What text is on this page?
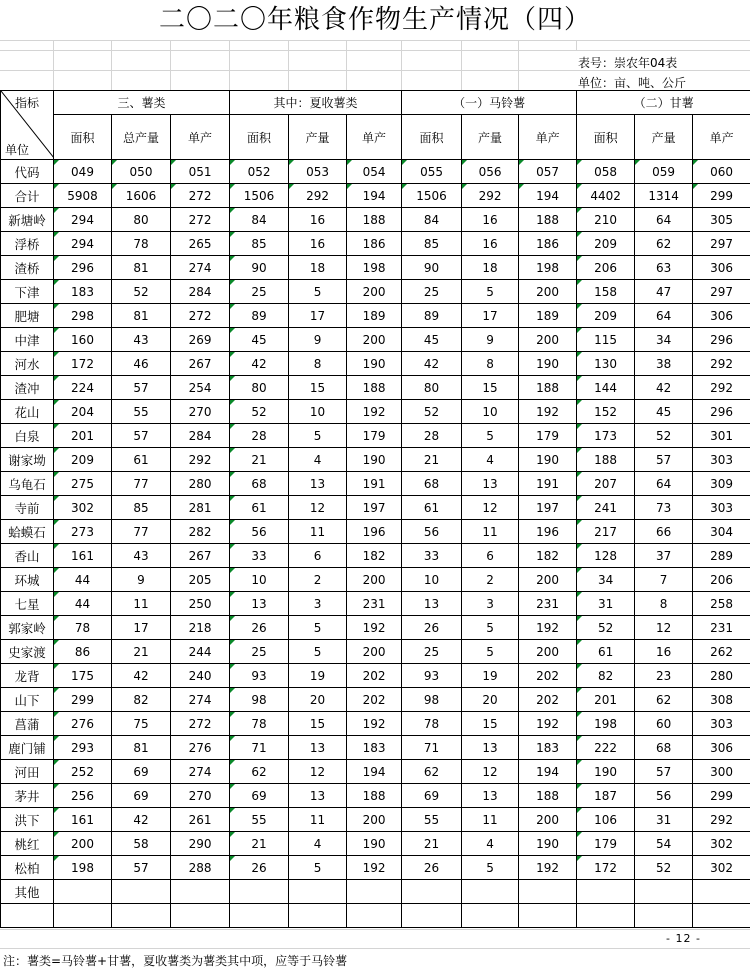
二〇二〇年粮食作物生产情况（四）
表号：崇农年04表
单位：亩、吨、公斤
指标
单位	三、薯类			其中：夏收薯类			（一）马铃薯			（二）甘薯		
	面积	总产量	单产	面积	产量	单产	面积	产量	单产	面积	产量	单产
代码	049	050	051	052	053	054	055	056	057	058	059	060
合计	5908	1606	272	1506	292	194	1506	292	194	4402	1314	299
新塘岭	294	80	272	84	16	188	84	16	188	210	64	305
浮桥	294	78	265	85	16	186	85	16	186	209	62	297
渣桥	296	81	274	90	18	198	90	18	198	206	63	306
下津	183	52	284	25	5	200	25	5	200	158	47	297
肥塘	298	81	272	89	17	189	89	17	189	209	64	306
中津	160	43	269	45	9	200	45	9	200	115	34	296
河水	172	46	267	42	8	190	42	8	190	130	38	292
渣冲	224	57	254	80	15	188	80	15	188	144	42	292
花山	204	55	270	52	10	192	52	10	192	152	45	296
白泉	201	57	284	28	5	179	28	5	179	173	52	301
谢家坳	209	61	292	21	4	190	21	4	190	188	57	303
乌龟石	275	77	280	68	13	191	68	13	191	207	64	309
寺前	302	85	281	61	12	197	61	12	197	241	73	303
蛤蟆石	273	77	282	56	11	196	56	11	196	217	66	304
香山	161	43	267	33	6	182	33	6	182	128	37	289
环城	44	9	205	10	2	200	10	2	200	34	7	206
七星	44	11	250	13	3	231	13	3	231	31	8	258
郭家岭	78	17	218	26	5	192	26	5	192	52	12	231
史家渡	86	21	244	25	5	200	25	5	200	61	16	262
龙背	175	42	240	93	19	202	93	19	202	82	23	280
山下	299	82	274	98	20	202	98	20	202	201	62	308
菖蒲	276	75	272	78	15	192	78	15	192	198	60	303
鹿门铺	293	81	276	71	13	183	71	13	183	222	68	306
河田	252	69	274	62	12	194	62	12	194	190	57	300
茅井	256	69	270	69	13	188	69	13	188	187	56	299
洪下	161	42	261	55	11	200	55	11	200	106	31	292
桃红	200	58	290	21	4	190	21	4	190	179	54	302
松柏	198	57	288	26	5	192	26	5	192	172	52	302
其他												

- 12 -
注：薯类=马铃薯+甘薯，夏收薯类为薯类其中项，应等于马铃薯
